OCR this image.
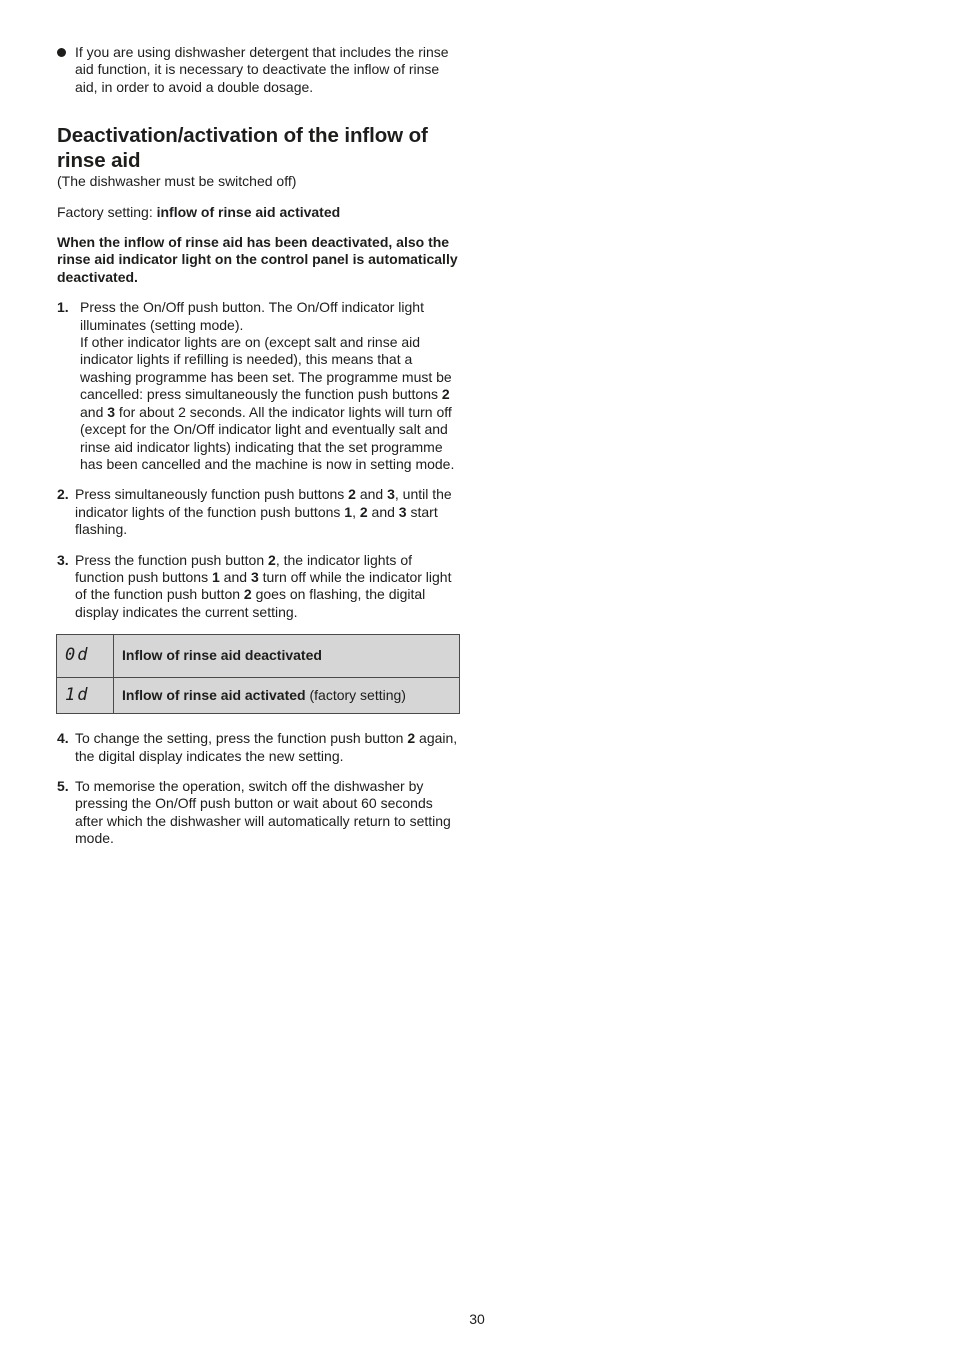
If you are using dishwasher detergent that includes the rinse aid function, it is necessary to deactivate the inflow of rinse aid, in order to avoid a double dosage.
Deactivation/activation of the inflow of rinse aid

(The dishwasher must be switched off)

Factory setting: inflow of rinse aid activated

When the inflow of rinse aid has been deactivated, also the rinse aid indicator light on the control panel is automatically deactivated.

1. Press the On/Off push button. The On/Off indicator light illuminates (setting mode).
If other indicator lights are on (except salt and rinse aid indicator lights if refilling is needed), this means that a washing programme has been set. The programme must be cancelled: press simultaneously the function push buttons 2 and 3 for about 2 seconds. All the indicator lights will turn off (except for the On/Off indicator light and eventually salt and rinse aid indicator lights) indicating that the set programme has been cancelled and the machine is now in setting mode.
2. Press simultaneously function push buttons 2 and 3, until the indicator lights of the function push buttons 1, 2 and 3 start flashing.
3. Press the function push button 2, the indicator lights of function push buttons 1 and 3 turn off while the indicator light of the function push button 2 goes on flashing, the digital display indicates the current setting.
0d	Inflow of rinse aid deactivated
1d	Inflow of rinse aid activated (factory setting)
4. To change the setting, press the function push button 2 again, the digital display indicates the new setting.
5. To memorise the operation, switch off the dishwasher by pressing the On/Off push button or wait about 60 seconds after which the dishwasher will automatically return to setting mode.
30
